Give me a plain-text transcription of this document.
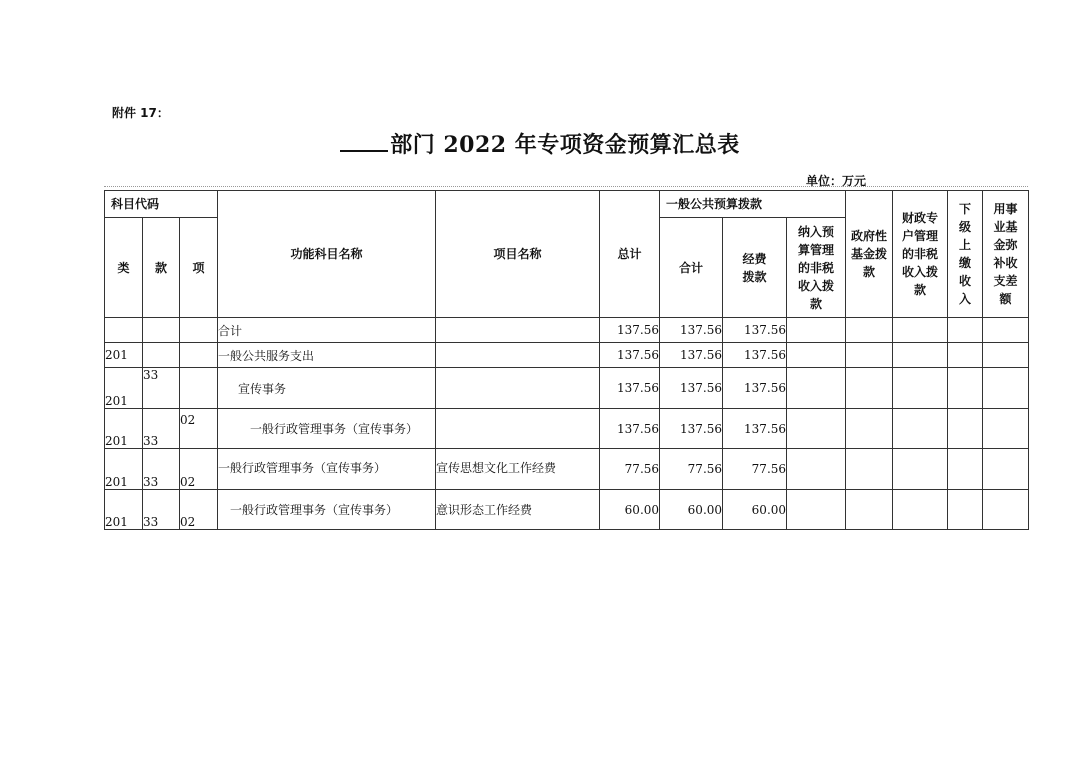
附件 17：
部门 2022 年专项资金预算汇总表
单位：万元
科目代码			功能科目名称	项目名称	总计	一般公共预算拨款			政府性基金拨款	财政专户管理的非税收入拨款	下级上缴收入	用事业基金弥补收支差额
类	款	项				合计	经费拨款	纳入预算管理的非税收入拨款				
			合计		137.56	137.56	137.56					
201			一般公共服务支出		137.56	137.56	137.56					
201	33		宣传事务		137.56	137.56	137.56					
201	33	02	一般行政管理事务（宣传事务）		137.56	137.56	137.56					
201	33	02	一般行政管理事务（宣传事务）	宣传思想文化工作经费	77.56	77.56	77.56					
201	33	02	一般行政管理事务（宣传事务）	意识形态工作经费	60.00	60.00	60.00					
